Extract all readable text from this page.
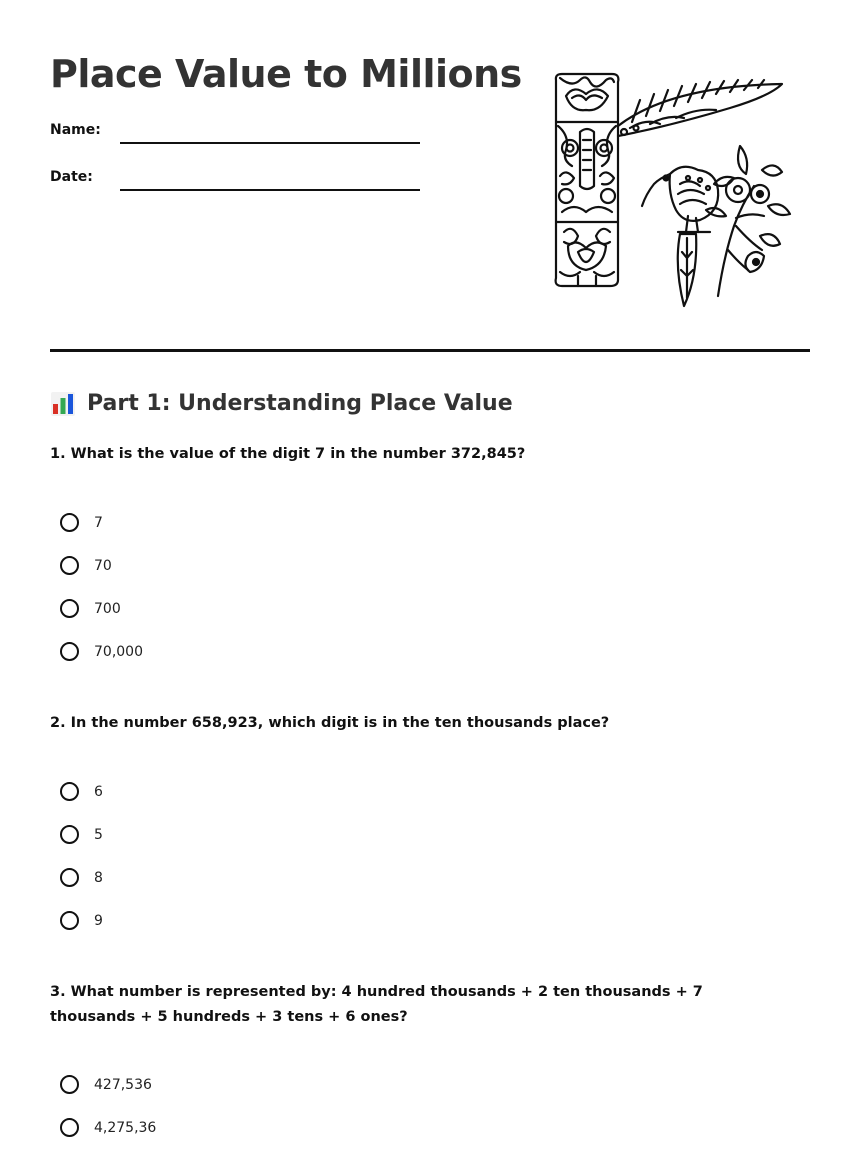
Place Value to Millions
Name:
Date:
Part 1: Understanding Place Value

1. What is the value of the digit 7 in the number 372,845?

7
70
700
70,000

2. In the number 658,923, which digit is in the ten thousands place?

6
5
8
9

3. What number is represented by: 4 hundred thousands + 2 ten thousands + 7 thousands + 5 hundreds + 3 tens + 6 ones?

427,536
4,275,36
